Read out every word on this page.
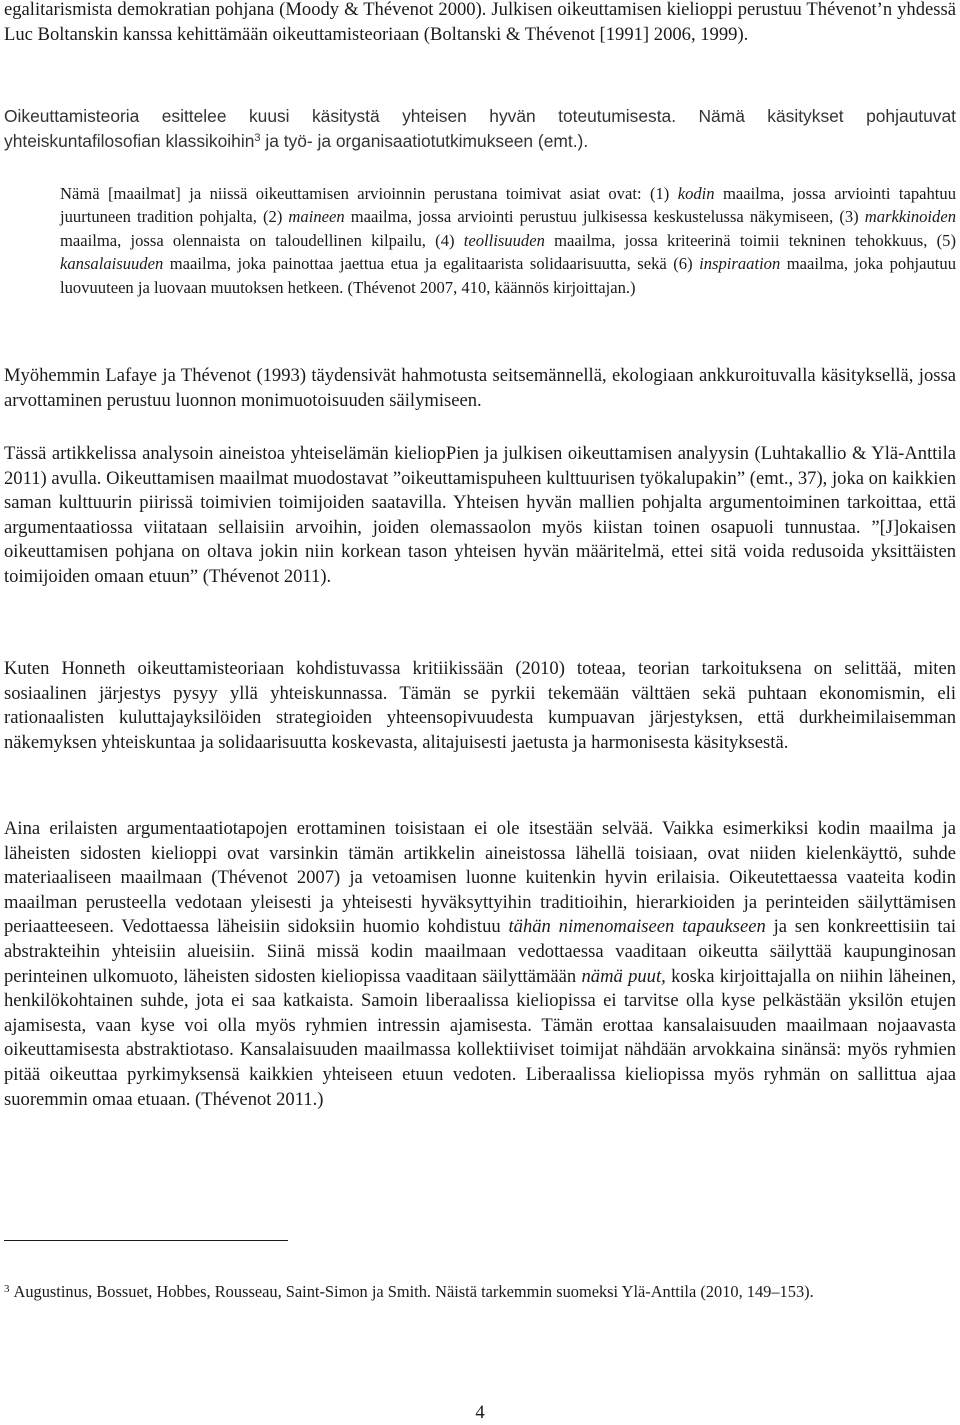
egalitarismista demokratian pohjana (Moody & Thévenot 2000). Julkisen oikeuttamisen kielioppi perustuu Thévenot’n yhdessä Luc Boltanskin kanssa kehittämään oikeuttamisteoriaan (Boltanski & Thévenot [1991] 2006, 1999).

Oikeuttamisteoria esittelee kuusi käsitystä yhteisen hyvän toteutumisesta. Nämä käsitykset pohjautuvat yhteiskuntafilosofian klassikoihin$^3$ ja työ- ja organisaatiotutkimukseen (emt.).

Nämä [maailmat] ja niissä oikeuttamisen arvioinnin perustana toimivat asiat ovat: (1) kodin maailma, jossa arviointi tapahtuu juurtuneen tradition pohjalta, (2) maineen maailma, jossa arviointi perustuu julkisessa keskustelussa näkymiseen, (3) markkinoiden maailma, jossa olennaista on taloudellinen kilpailu, (4) teollisuuden maailma, jossa kriteerinä toimii tekninen tehokkuus, (5) kansalaisuuden maailma, joka painottaa jaettua etua ja egalitaarista solidaarisuutta, sekä (6) inspiraation maailma, joka pohjautuu luovuuteen ja luovaan muutoksen hetkeen. (Thévenot 2007, 410, käännös kirjoittajan.)

Myöhemmin Lafaye ja Thévenot (1993) täydensivät hahmotusta seitsemännellä, ekologiaan ankkuroituvalla käsityksellä, jossa arvottaminen perustuu luonnon monimuotoisuuden säilymiseen.

Tässä artikkelissa analysoin aineistoa yhteiselämän kieliopPien ja julkisen oikeuttamisen analyysin (Luhtakallio & Ylä-Anttila 2011) avulla. Oikeuttamisen maailmat muodostavat ”oikeuttamispuheen kulttuurisen työkalupakin” (emt., 37), joka on kaikkien saman kulttuurin piirissä toimivien toimijoiden saatavilla. Yhteisen hyvän mallien pohjalta argumentoiminen tarkoittaa, että argumentaatiossa viitataan sellaisiin arvoihin, joiden olemassaolon myös kiistan toinen osapuoli tunnustaa. ”[J]okaisen oikeuttamisen pohjana on oltava jokin niin korkean tason yhteisen hyvän määritelmä, ettei sitä voida redusoida yksittäisten toimijoiden omaan etuun” (Thévenot 2011).

Kuten Honneth oikeuttamisteoriaan kohdistuvassa kritiikissään (2010) toteaa, teorian tarkoituksena on selittää, miten sosiaalinen järjestys pysyy yllä yhteiskunnassa. Tämän se pyrkii tekemään välttäen sekä puhtaan ekonomismin, eli rationaalisten kuluttajayksilöiden strategioiden yhteensopivuudesta kumpuavan järjestyksen, että durkheimilaisemman näkemyksen yhteiskuntaa ja solidaarisuutta koskevasta, alitajuisesti jaetusta ja harmonisesta käsityksestä.

Aina erilaisten argumentaatiotapojen erottaminen toisistaan ei ole itsestään selvää. Vaikka esimerkiksi kodin maailma ja läheisten sidosten kielioppi ovat varsinkin tämän artikkelin aineistossa lähellä toisiaan, ovat niiden kielenkäyttö, suhde materiaaliseen maailmaan (Thévenot 2007) ja vetoamisen luonne kuitenkin hyvin erilaisia. Oikeutettaessa vaateita kodin maailman perusteella vedotaan yleisesti ja yhteisesti hyväksyttyihin traditioihin, hierarkioiden ja perinteiden säilyttämisen periaatteeseen. Vedottaessa läheisiin sidoksiin huomio kohdistuu tähän nimenomaiseen tapaukseen ja sen konkreettisiin tai abstrakteihin yhteisiin alueisiin. Siinä missä kodin maailmaan vedottaessa vaaditaan oikeutta säilyttää kaupunginosan perinteinen ulkomuoto, läheisten sidosten kieliopissa vaaditaan säilyttämään nämä puut, koska kirjoittajalla on niihin läheinen, henkilökohtainen suhde, jota ei saa katkaista. Samoin liberaalissa kieliopissa ei tarvitse olla kyse pelkästään yksilön etujen ajamisesta, vaan kyse voi olla myös ryhmien intressin ajamisesta. Tämän erottaa kansalaisuuden maailmaan nojaavasta oikeuttamisesta abstraktiotaso. Kansalaisuuden maailmassa kollektiiviset toimijat nähdään arvokkaina sinänsä: myös ryhmien pitää oikeuttaa pyrkimyksensä kaikkien yhteiseen etuun vedoten. Liberaalissa kieliopissa myös ryhmän on sallittua ajaa suoremmin omaa etuaan. (Thévenot 2011.)

$^3$ Augustinus, Bossuet, Hobbes, Rousseau, Saint-Simon ja Smith. Näistä tarkemmin suomeksi Ylä-Anttila (2010, 149–153).

4
